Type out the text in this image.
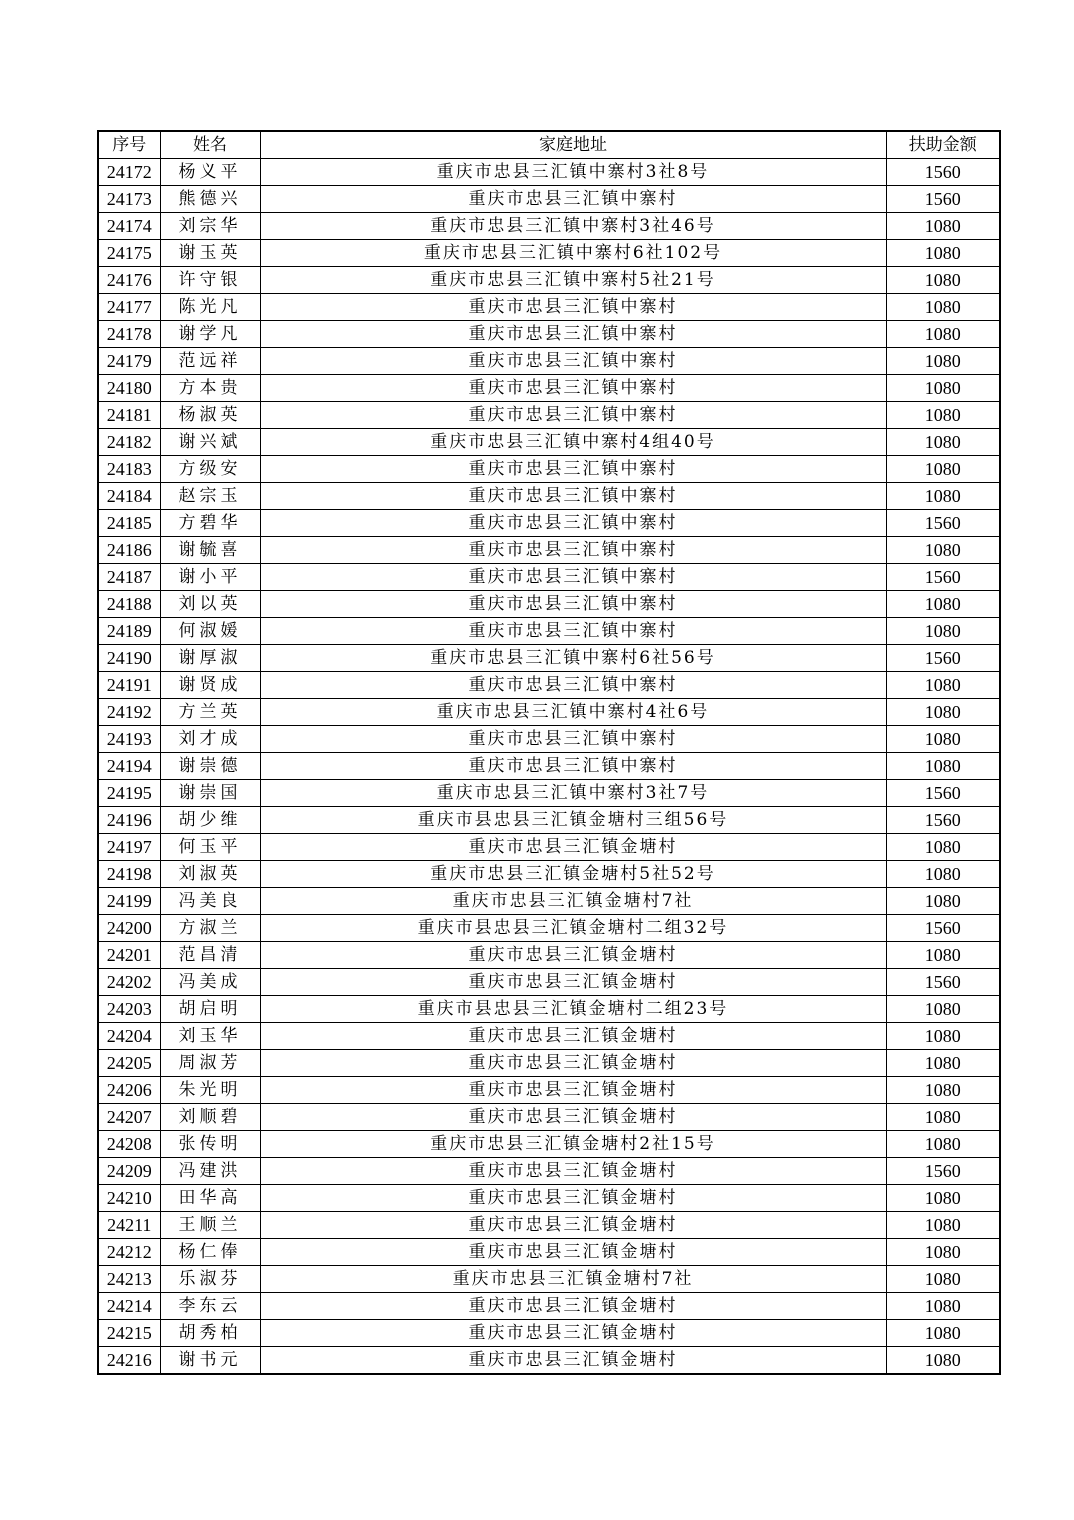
序号	姓名	家庭地址	扶助金额
24172	杨义平	重庆市忠县三汇镇中寨村3社8号	1560
24173	熊德兴	重庆市忠县三汇镇中寨村	1560
24174	刘宗华	重庆市忠县三汇镇中寨村3社46号	1080
24175	谢玉英	重庆市忠县三汇镇中寨村6社102号	1080
24176	许守银	重庆市忠县三汇镇中寨村5社21号	1080
24177	陈光凡	重庆市忠县三汇镇中寨村	1080
24178	谢学凡	重庆市忠县三汇镇中寨村	1080
24179	范远祥	重庆市忠县三汇镇中寨村	1080
24180	方本贵	重庆市忠县三汇镇中寨村	1080
24181	杨淑英	重庆市忠县三汇镇中寨村	1080
24182	谢兴斌	重庆市忠县三汇镇中寨村4组40号	1080
24183	方级安	重庆市忠县三汇镇中寨村	1080
24184	赵宗玉	重庆市忠县三汇镇中寨村	1080
24185	方碧华	重庆市忠县三汇镇中寨村	1560
24186	谢毓喜	重庆市忠县三汇镇中寨村	1080
24187	谢小平	重庆市忠县三汇镇中寨村	1560
24188	刘以英	重庆市忠县三汇镇中寨村	1080
24189	何淑媛	重庆市忠县三汇镇中寨村	1080
24190	谢厚淑	重庆市忠县三汇镇中寨村6社56号	1560
24191	谢贤成	重庆市忠县三汇镇中寨村	1080
24192	方兰英	重庆市忠县三汇镇中寨村4社6号	1080
24193	刘才成	重庆市忠县三汇镇中寨村	1080
24194	谢崇德	重庆市忠县三汇镇中寨村	1080
24195	谢崇国	重庆市忠县三汇镇中寨村3社7号	1560
24196	胡少维	重庆市县忠县三汇镇金塘村三组56号	1560
24197	何玉平	重庆市忠县三汇镇金塘村	1080
24198	刘淑英	重庆市忠县三汇镇金塘村5社52号	1080
24199	冯美良	重庆市忠县三汇镇金塘村7社	1080
24200	方淑兰	重庆市县忠县三汇镇金塘村二组32号	1560
24201	范昌清	重庆市忠县三汇镇金塘村	1080
24202	冯美成	重庆市忠县三汇镇金塘村	1560
24203	胡启明	重庆市县忠县三汇镇金塘村二组23号	1080
24204	刘玉华	重庆市忠县三汇镇金塘村	1080
24205	周淑芳	重庆市忠县三汇镇金塘村	1080
24206	朱光明	重庆市忠县三汇镇金塘村	1080
24207	刘顺碧	重庆市忠县三汇镇金塘村	1080
24208	张传明	重庆市忠县三汇镇金塘村2社15号	1080
24209	冯建洪	重庆市忠县三汇镇金塘村	1560
24210	田华高	重庆市忠县三汇镇金塘村	1080
24211	王顺兰	重庆市忠县三汇镇金塘村	1080
24212	杨仁俸	重庆市忠县三汇镇金塘村	1080
24213	乐淑芬	重庆市忠县三汇镇金塘村7社	1080
24214	李东云	重庆市忠县三汇镇金塘村	1080
24215	胡秀柏	重庆市忠县三汇镇金塘村	1080
24216	谢书元	重庆市忠县三汇镇金塘村	1080
